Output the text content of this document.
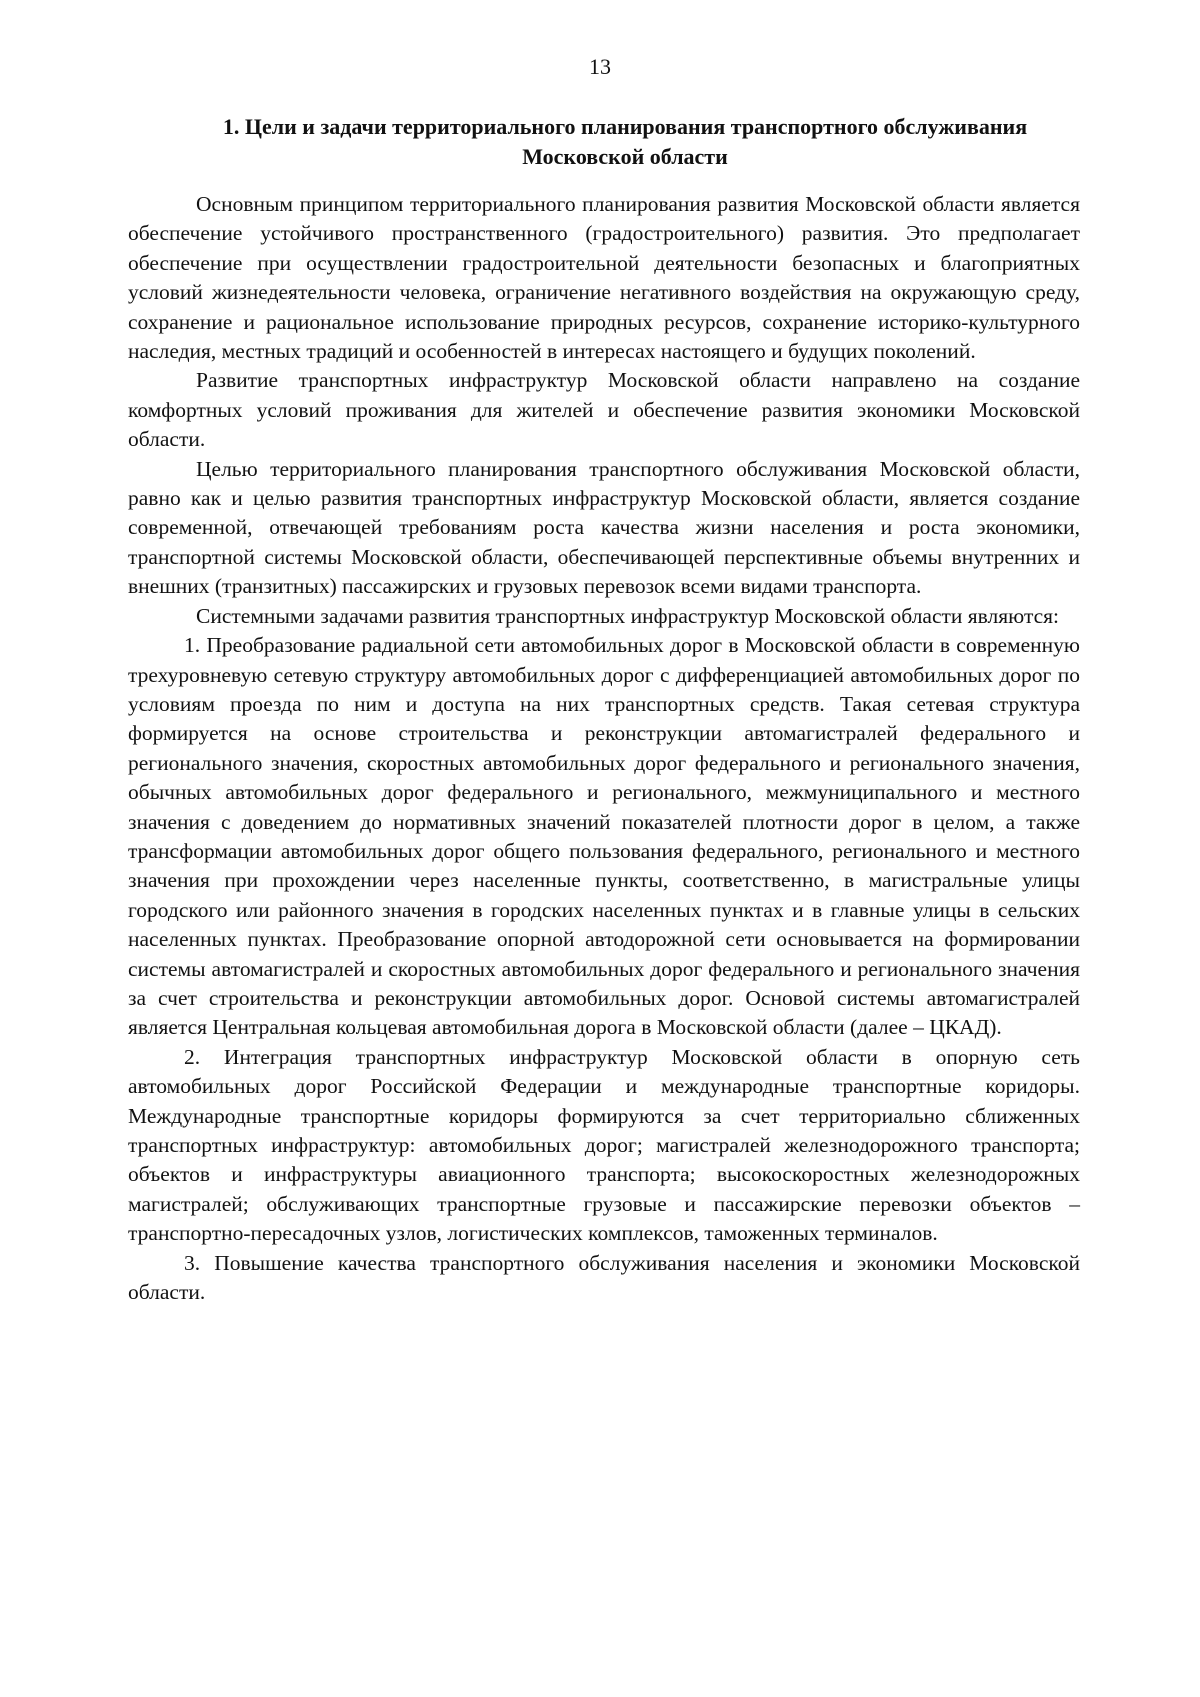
13
1. Цели и задачи территориального планирования транспортного обслуживания
Московской области

Основным принципом территориального планирования развития Московской области является обеспечение устойчивого пространственного (градостроительного) развития. Это предполагает обеспечение при осуществлении градостроительной деятельности безопасных и благоприятных условий жизнедеятельности человека, ограничение негативного воздействия на окружающую среду, сохранение и рациональное использование природных ресурсов, сохранение историко-культурного наследия, местных традиций и особенностей в интересах настоящего и будущих поколений.

Развитие транспортных инфраструктур Московской области направлено на создание комфортных условий проживания для жителей и обеспечение развития экономики Московской области.

Целью территориального планирования транспортного обслуживания Московской области, равно как и целью развития транспортных инфраструктур Московской области, является создание современной, отвечающей требованиям роста качества жизни населения и роста экономики, транспортной системы Московской области, обеспечивающей перспективные объемы внутренних и внешних (транзитных) пассажирских и грузовых перевозок всеми видами транспорта.

Системными задачами развития транспортных инфраструктур Московской области являются:

1. Преобразование радиальной сети автомобильных дорог в Московской области в современную трехуровневую сетевую структуру автомобильных дорог с дифференциацией автомобильных дорог по условиям проезда по ним и доступа на них транспортных средств. Такая сетевая структура формируется на основе строительства и реконструкции автомагистралей федерального и регионального значения, скоростных автомобильных дорог федерального и регионального значения, обычных автомобильных дорог федерального и регионального, межмуниципального и местного значения с доведением до нормативных значений показателей плотности дорог в целом, а также трансформации автомобильных дорог общего пользования федерального, регионального и местного значения при прохождении через населенные пункты, соответственно, в магистральные улицы городского или районного значения в городских населенных пунктах и в главные улицы в сельских населенных пунктах. Преобразование опорной автодорожной сети основывается на формировании системы автомагистралей и скоростных автомобильных дорог федерального и регионального значения за счет строительства и реконструкции автомобильных дорог. Основой системы автомагистралей является Центральная кольцевая автомобильная дорога в Московской области (далее – ЦКАД).

2. Интеграция транспортных инфраструктур Московской области в опорную сеть автомобильных дорог Российской Федерации и международные транспортные коридоры. Международные транспортные коридоры формируются за счет территориально сближенных транспортных инфраструктур: автомобильных дорог; магистралей железнодорожного транспорта; объектов и инфраструктуры авиационного транспорта; высокоскоростных железнодорожных магистралей; обслуживающих транспортные грузовые и пассажирские перевозки объектов – транспортно-пересадочных узлов, логистических комплексов, таможенных терминалов.

3. Повышение качества транспортного обслуживания населения и экономики Московской области.
